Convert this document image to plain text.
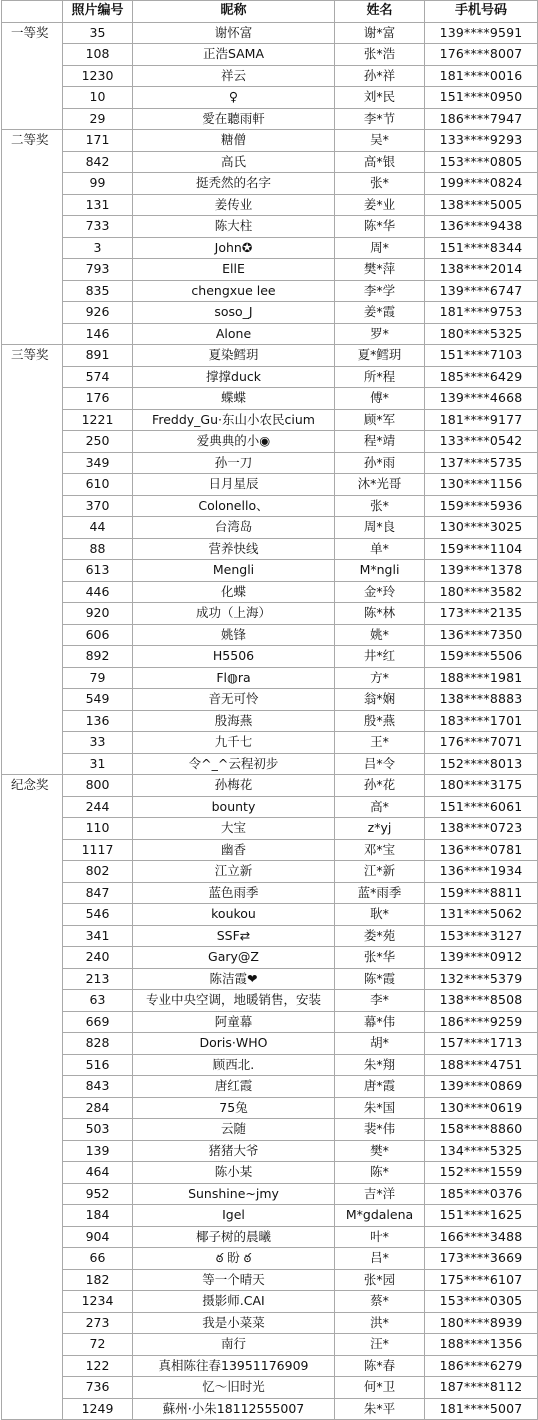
	照片编号	昵称	姓名	手机号码
一等奖	35	谢怀富	谢*富	139****9591
	108	正浩SAMA	张*浩	176****8007
	1230	祥云	孙*祥	181****0016
	10	♀	刘*民	151****0950
	29	愛在聽雨軒	李*节	186****7947
二等奖	171	糖僧	吴*	133****9293
	842	高氏	高*银	153****0805
	99	挺秃然的名字	张*	199****0824
	131	姜传业	姜*业	138****5005
	733	陈大柱	陈*华	136****9438
	3	John✪	周*	151****8344
	793	EllE	樊*萍	138****2014
	835	chengxue lee	李*学	139****6747
	926	soso_J	姜*霞	181****9753
	146	Alone	罗*	180****5325
三等奖	891	夏染鳕玥	夏*鳕玥	151****7103
	574	撑撑duck	所*程	185****6429
	176	蝶蝶	傅*	139****4668
	1221	Freddy_Gu·东山小农民cium	顾*军	181****9177
	250	爱典典的小◉	程*靖	133****0542
	349	孙一刀	孙*雨	137****5735
	610	日月星辰	沐*光哥	130****1156
	370	Colonello、	张*	159****5936
	44	台湾岛	周*良	130****3025
	88	营养快线	单*	159****1104
	613	Mengli	M*ngli	139****1378
	446	化蝶	金*玲	180****3582
	920	成功（上海）	陈*林	173****2135
	606	姚锋	姚*	136****7350
	892	H5506	井*红	159****5506
	79	Fl◍ra	方*	188****1981
	549	音无可怜	翁*娴	138****8883
	136	殷海燕	殷*燕	183****1701
	33	九千七	王*	176****7071
	31	令^_^云程初步	吕*令	152****8013
纪念奖	800	孙梅花	孙*花	180****3175
	244	bounty	高*	151****6061
	110	大宝	z*yj	138****0723
	1117	幽香	邓*宝	136****0781
	802	江立新	江*新	136****1934
	847	蓝色雨季	蓝*雨季	159****8811
	546	koukou	耿*	131****5062
	341	SSF⇄	娄*苑	153****3127
	240	Gary@Z	张*华	139****0912
	213	陈洁霞❤	陈*霞	132****5379
	63	专业中央空调，地暖销售，安装	李*	138****8508
	669	阿童幕	幕*伟	186****9259
	828	Doris·WHO	胡*	157****1713
	516	顾西北.	朱*翔	188****4751
	843	唐红霞	唐*霞	139****0869
	284	75兔	朱*国	130****0619
	503	云随	裴*伟	158****8860
	139	猪猪大爷	樊*	134****5325
	464	陈小某	陈*	152****1559
	952	Sunshine~jmy	吉*洋	185****0376
	184	Igel	M*gdalena	151****1625
	904	椰子树的晨曦	叶*	166****3488
	66	ఠ 盼 ఠ	吕*	173****3669
	182	等一个晴天	张*园	175****6107
	1234	摄影师.CAI	蔡*	153****0305
	273	我是小菜菜	洪*	180****8939
	72	南行	汪*	188****1356
	122	真相陈往春13951176909	陈*春	186****6279
	736	忆～旧时光	何*卫	187****8112
	1249	蘇州·小朱18112555007	朱*平	181****5007
